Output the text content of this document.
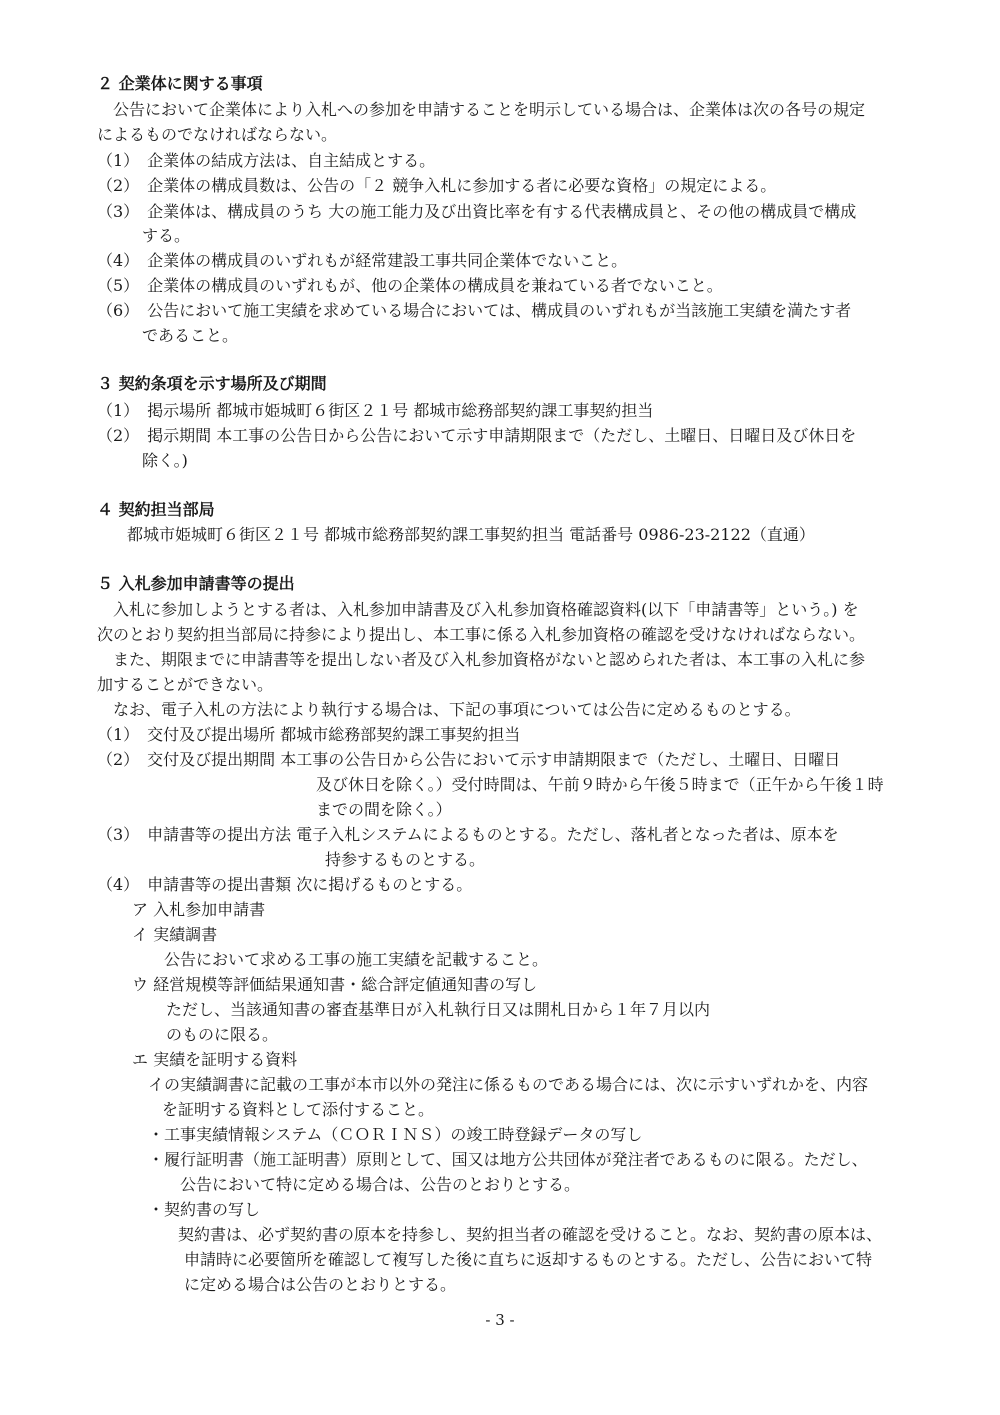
２ 企業体に関する事項
公告において企業体により入札への参加を申請することを明示している場合は、企業体は次の各号の規定
によるものでなければならない。
（1）　企業体の結成方法は、自主結成とする。
（2）　企業体の構成員数は、公告の「２ 競争入札に参加する者に必要な資格」の規定による。
（3）　企業体は、構成員のうち 大の施工能力及び出資比率を有する代表構成員と、その他の構成員で構成
する。
（4）　企業体の構成員のいずれもが経常建設工事共同企業体でないこと。
（5）　企業体の構成員のいずれもが、他の企業体の構成員を兼ねている者でないこと。
（6）　公告において施工実績を求めている場合においては、構成員のいずれもが当該施工実績を満たす者
であること。
３ 契約条項を示す場所及び期間
（1）　掲示場所 都城市姫城町６街区２１号 都城市総務部契約課工事契約担当
（2）　掲示期間 本工事の公告日から公告において示す申請期限まで（ただし、土曜日、日曜日及び休日を
除く。)
４ 契約担当部局
都城市姫城町６街区２１号 都城市総務部契約課工事契約担当 電話番号 0986-23-2122（直通）
５ 入札参加申請書等の提出
入札に参加しようとする者は、入札参加申請書及び入札参加資格確認資料(以下「申請書等」という。) を
次のとおり契約担当部局に持参により提出し、本工事に係る入札参加資格の確認を受けなければならない。
また、期限までに申請書等を提出しない者及び入札参加資格がないと認められた者は、本工事の入札に参
加することができない。
なお、電子入札の方法により執行する場合は、下記の事項については公告に定めるものとする。
（1）　交付及び提出場所 都城市総務部契約課工事契約担当
（2）　交付及び提出期間 本工事の公告日から公告において示す申請期限まで（ただし、土曜日、日曜日
及び休日を除く。）受付時間は、午前９時から午後５時まで（正午から午後１時
までの間を除く。）
（3）　申請書等の提出方法 電子入札システムによるものとする。ただし、落札者となった者は、原本を
持参するものとする。
（4）　申請書等の提出書類 次に掲げるものとする。
ア 入札参加申請書
イ 実績調書
公告において求める工事の施工実績を記載すること。
ウ 経営規模等評価結果通知書・総合評定値通知書の写し
ただし、当該通知書の審査基準日が入札執行日又は開札日から１年７月以内
のものに限る。
エ 実績を証明する資料
イの実績調書に記載の工事が本市以外の発注に係るものである場合には、次に示すいずれかを、内容
を証明する資料として添付すること。
・工事実績情報システム（ＣＯＲＩＮＳ）の竣工時登録データの写し
・履行証明書（施工証明書）原則として、国又は地方公共団体が発注者であるものに限る。ただし、
公告において特に定める場合は、公告のとおりとする。
・契約書の写し
契約書は、必ず契約書の原本を持参し、契約担当者の確認を受けること。なお、契約書の原本は、
申請時に必要箇所を確認して複写した後に直ちに返却するものとする。ただし、公告において特
に定める場合は公告のとおりとする。
- 3 -
